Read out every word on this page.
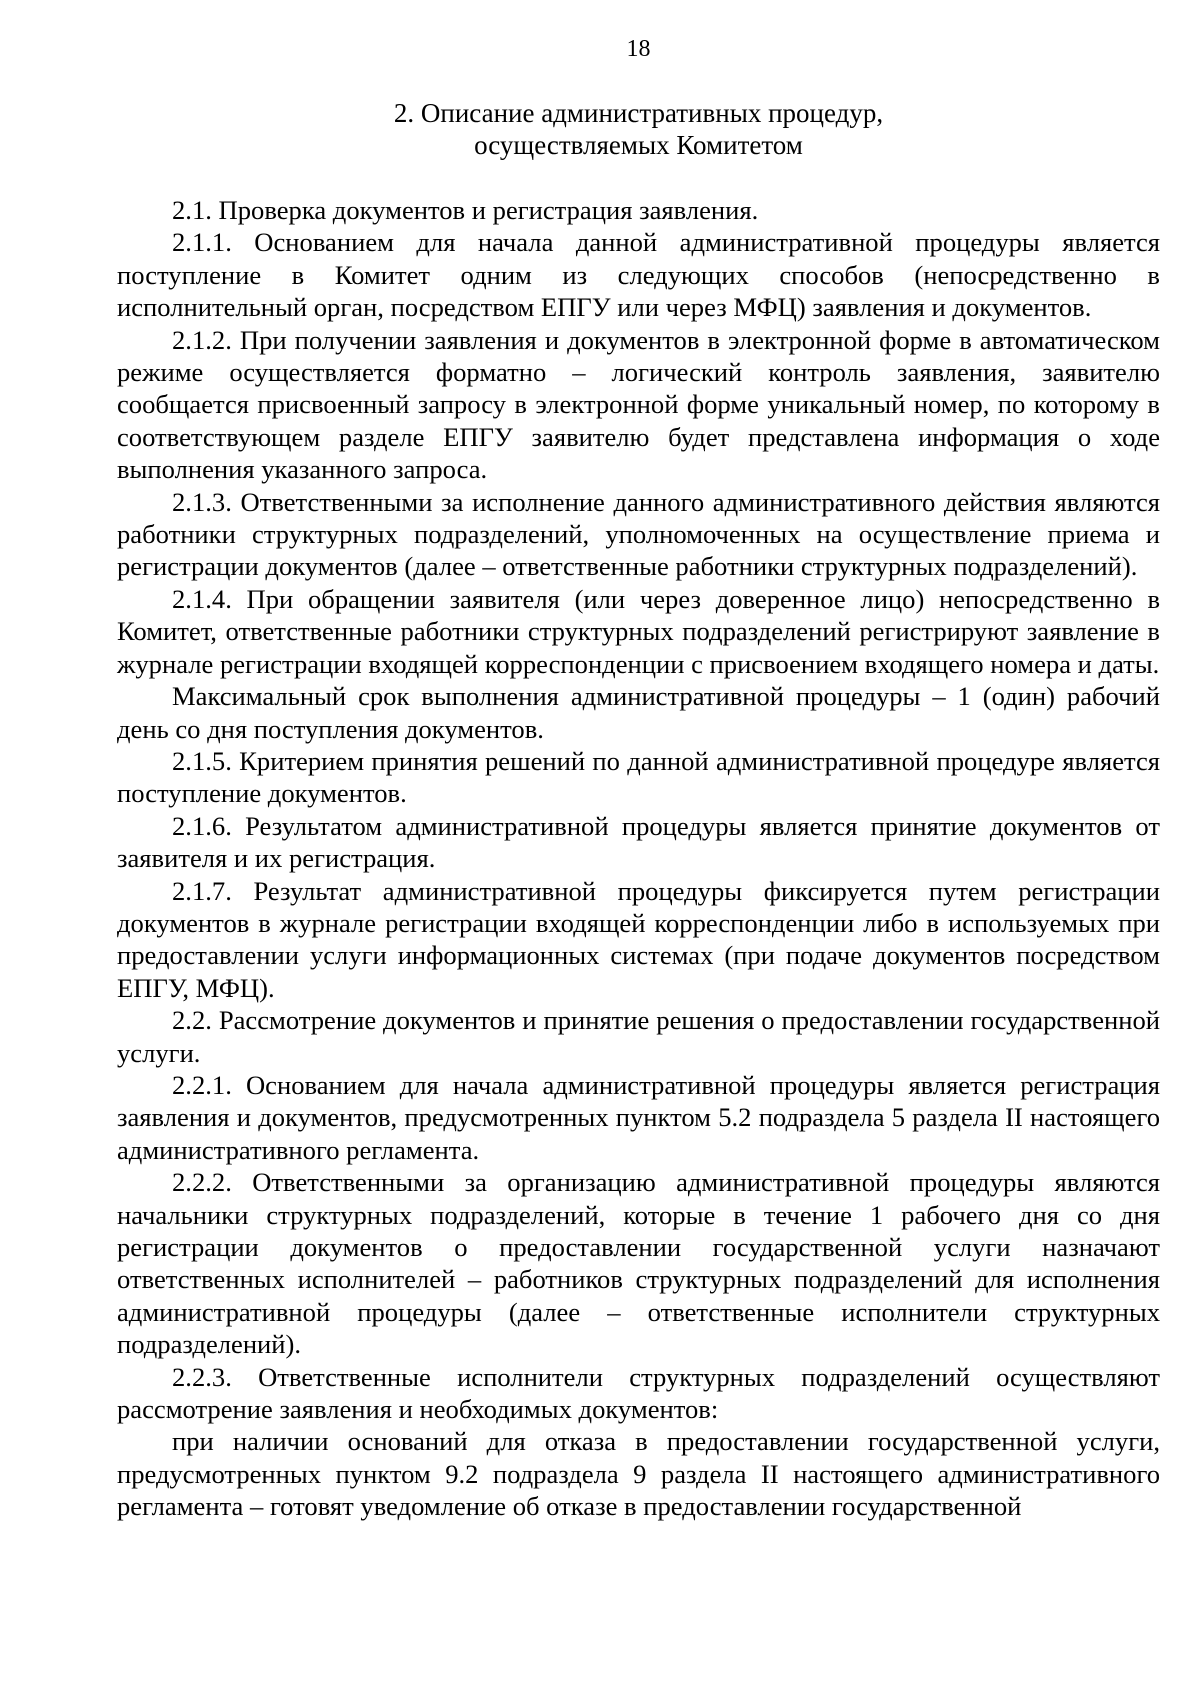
18
2. Описание административных процедур,
осуществляемых Комитетом

2.1. Проверка документов и регистрация заявления.

2.1.1. Основанием для начала данной административной процедуры является поступление в Комитет одним из следующих способов (непосредственно в исполнительный орган, посредством ЕПГУ или через МФЦ) заявления и документов.

2.1.2. При получении заявления и документов в электронной форме в автоматическом режиме осуществляется форматно – логический контроль заявления, заявителю сообщается присвоенный запросу в электронной форме уникальный номер, по которому в соответствующем разделе ЕПГУ заявителю будет представлена информация о ходе выполнения указанного запроса.

2.1.3. Ответственными за исполнение данного административного действия являются работники структурных подразделений, уполномоченных на осуществление приема и регистрации документов (далее – ответственные работники структурных подразделений).

2.1.4. При обращении заявителя (или через доверенное лицо) непосредственно в Комитет, ответственные работники структурных подразделений регистрируют заявление в журнале регистрации входящей корреспонденции с присвоением входящего номера и даты.

Максимальный срок выполнения административной процедуры – 1 (один) рабочий день со дня поступления документов.

2.1.5. Критерием принятия решений по данной административной процедуре является поступление документов.

2.1.6. Результатом административной процедуры является принятие документов от заявителя и их регистрация.

2.1.7. Результат административной процедуры фиксируется путем регистрации документов в журнале регистрации входящей корреспонденции либо в используемых при предоставлении услуги информационных системах (при подаче документов посредством ЕПГУ, МФЦ).

2.2. Рассмотрение документов и принятие решения о предоставлении государственной услуги.

2.2.1. Основанием для начала административной процедуры является регистрация заявления и документов, предусмотренных пунктом 5.2 подраздела 5 раздела II настоящего административного регламента.

2.2.2. Ответственными за организацию административной процедуры являются начальники структурных подразделений, которые в течение 1 рабочего дня со дня регистрации документов о предоставлении государственной услуги назначают ответственных исполнителей – работников структурных подразделений для исполнения административной процедуры (далее – ответственные исполнители структурных подразделений).

2.2.3. Ответственные исполнители структурных подразделений осуществляют рассмотрение заявления и необходимых документов:

при наличии оснований для отказа в предоставлении государственной услуги, предусмотренных пунктом 9.2 подраздела 9 раздела II настоящего административного регламента – готовят уведомление об отказе в предоставлении государственной
